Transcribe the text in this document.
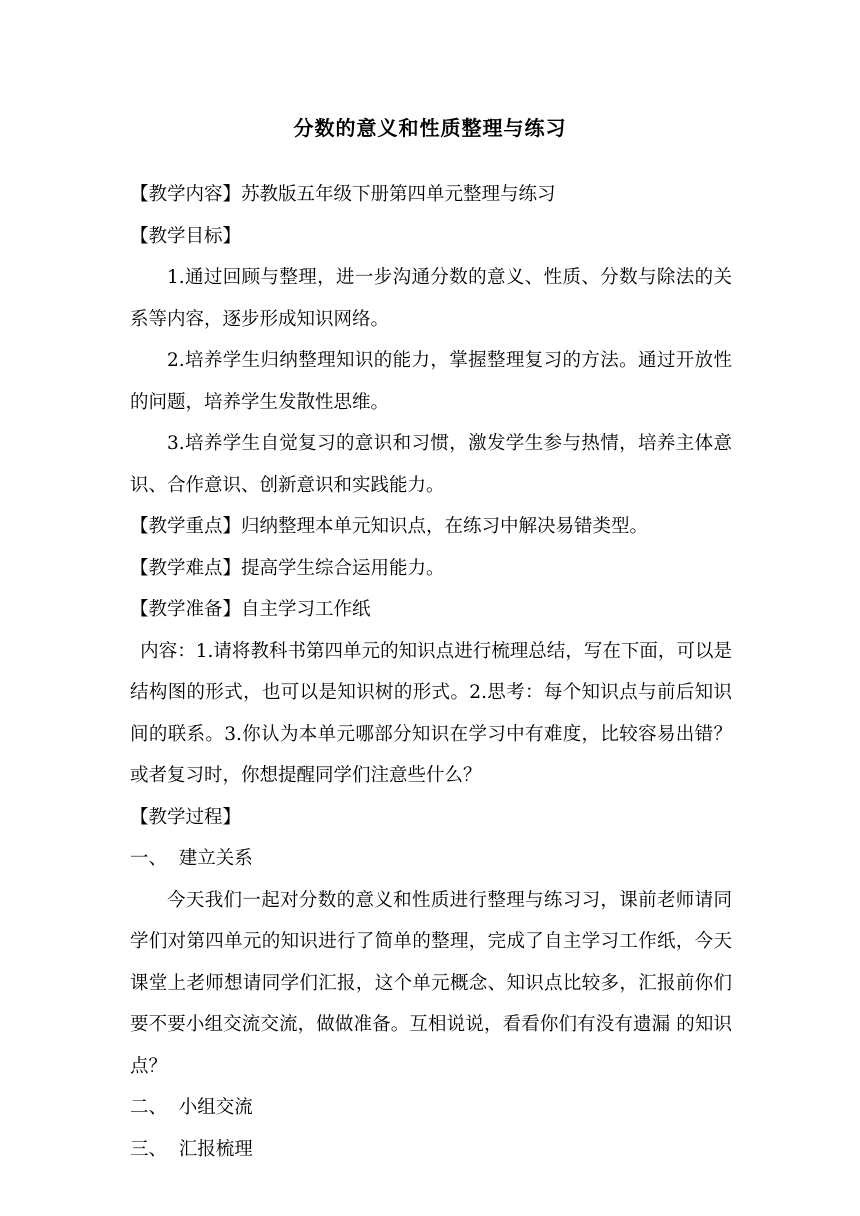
分数的意义和性质整理与练习

【教学内容】苏教版五年级下册第四单元整理与练习

【教学目标】

1.通过回顾与整理，进一步沟通分数的意义、性质、分数与除法的关系等内容，逐步形成知识网络。

2.培养学生归纳整理知识的能力，掌握整理复习的方法。通过开放性的问题，培养学生发散性思维。

3.培养学生自觉复习的意识和习惯，激发学生参与热情，培养主体意识、合作意识、创新意识和实践能力。

【教学重点】归纳整理本单元知识点，在练习中解决易错类型。

【教学难点】提高学生综合运用能力。

【教学准备】自主学习工作纸

内容：1.请将教科书第四单元的知识点进行梳理总结，写在下面，可以是结构图的形式，也可以是知识树的形式。2.思考：每个知识点与前后知识间的联系。3.你认为本单元哪部分知识在学习中有难度，比较容易出错？或者复习时，你想提醒同学们注意些什么？

【教学过程】

一、  建立关系

今天我们一起对分数的意义和性质进行整理与练习习，课前老师请同学们对第四单元的知识进行了简单的整理，完成了自主学习工作纸，今天课堂上老师想请同学们汇报，这个单元概念、知识点比较多，汇报前你们要不要小组交流交流，做做准备。互相说说，看看你们有没有遗漏 的知识点？

二、  小组交流

三、  汇报梳理
